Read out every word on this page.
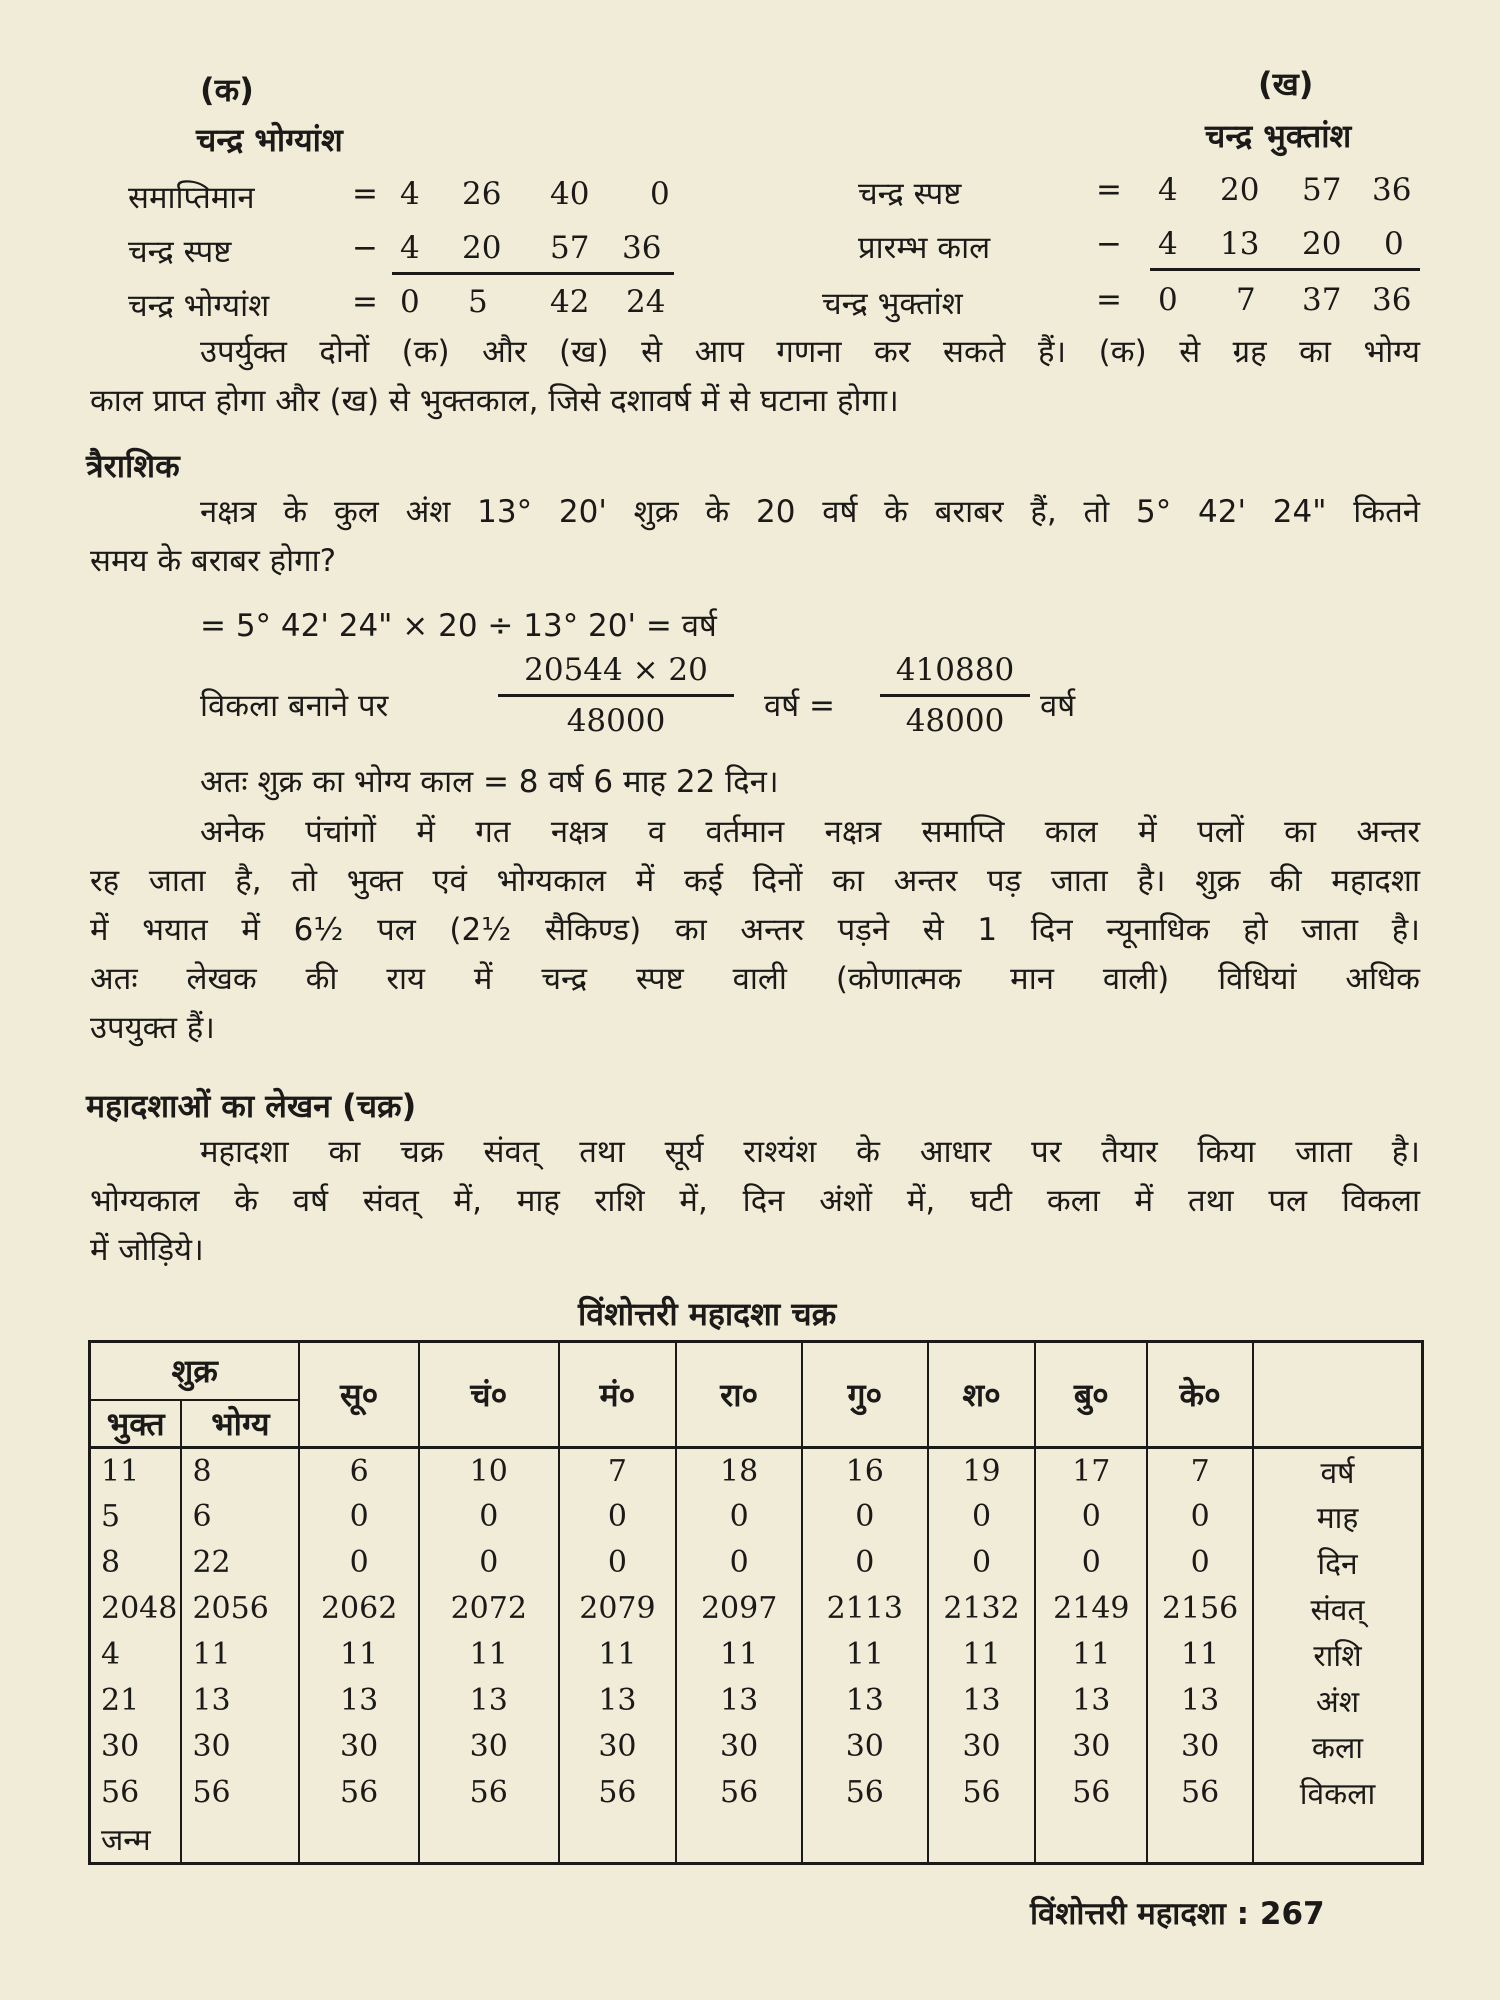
(क)
चन्द्र भोग्यांश
समाप्तिमान	= 4 26 40 0
चन्द्र स्पष्ट	− 4 20 57 36
चन्द्र भोग्यांश	= 0 5 42 24
(ख)
चन्द्र भुक्तांश
चन्द्र स्पष्ट	= 4 20 57 36
प्रारम्भ काल	− 4 13 20 0
चन्द्र भुक्तांश	= 0 7 37 36
उपर्युक्त दोनों (क) और (ख) से आप गणना कर सकते हैं। (क) से ग्रह का भोग्य
काल प्राप्त होगा और (ख) से भुक्तकाल, जिसे दशावर्ष में से घटाना होगा।
त्रैराशिक
नक्षत्र के कुल अंश 13° 20' शुक्र के 20 वर्ष के बराबर हैं, तो 5° 42' 24" कितने
समय के बराबर होगा?
= 5° 42' 24" × 20 ÷ 13° 20' = वर्ष
विकला बनाने पर	$\frac{20544 \times 20}{48000}$ वर्ष = $\frac{410880}{48000}$ वर्ष
अतः शुक्र का भोग्य काल = 8 वर्ष 6 माह 22 दिन।
अनेक पंचांगों में गत नक्षत्र व वर्तमान नक्षत्र समाप्ति काल में पलों का अन्तर
रह जाता है, तो भुक्त एवं भोग्यकाल में कई दिनों का अन्तर पड़ जाता है। शुक्र की महादशा
में भयात में 6½ पल (2½ सैकिण्ड) का अन्तर पड़ने से 1 दिन न्यूनाधिक हो जाता है।
अतः लेखक की राय में चन्द्र स्पष्ट वाली (कोणात्मक मान वाली) विधियां अधिक
उपयुक्त हैं।
महादशाओं का लेखन (चक्र)
महादशा का चक्र संवत् तथा सूर्य राश्यंश के आधार पर तैयार किया जाता है।
भोग्यकाल के वर्ष संवत् में, माह राशि में, दिन अंशों में, घटी कला में तथा पल विकला
में जोड़िये।
विंशोत्तरी महादशा चक्र
शुक्र		सू०	चं०	मं०	रा०	गु०	श०	बु०	के०	
भुक्त	भोग्य									
11	8	6	10	7	18	16	19	17	7	वर्ष
5	6	0	0	0	0	0	0	0	0	माह
8	22	0	0	0	0	0	0	0	0	दिन
2048	2056	2062	2072	2079	2097	2113	2132	2149	2156	संवत्
4	11	11	11	11	11	11	11	11	11	राशि
21	13	13	13	13	13	13	13	13	13	अंश
30	30	30	30	30	30	30	30	30	30	कला
56	56	56	56	56	56	56	56	56	56	विकला
जन्म										
विंशोत्तरी महादशा : 267
